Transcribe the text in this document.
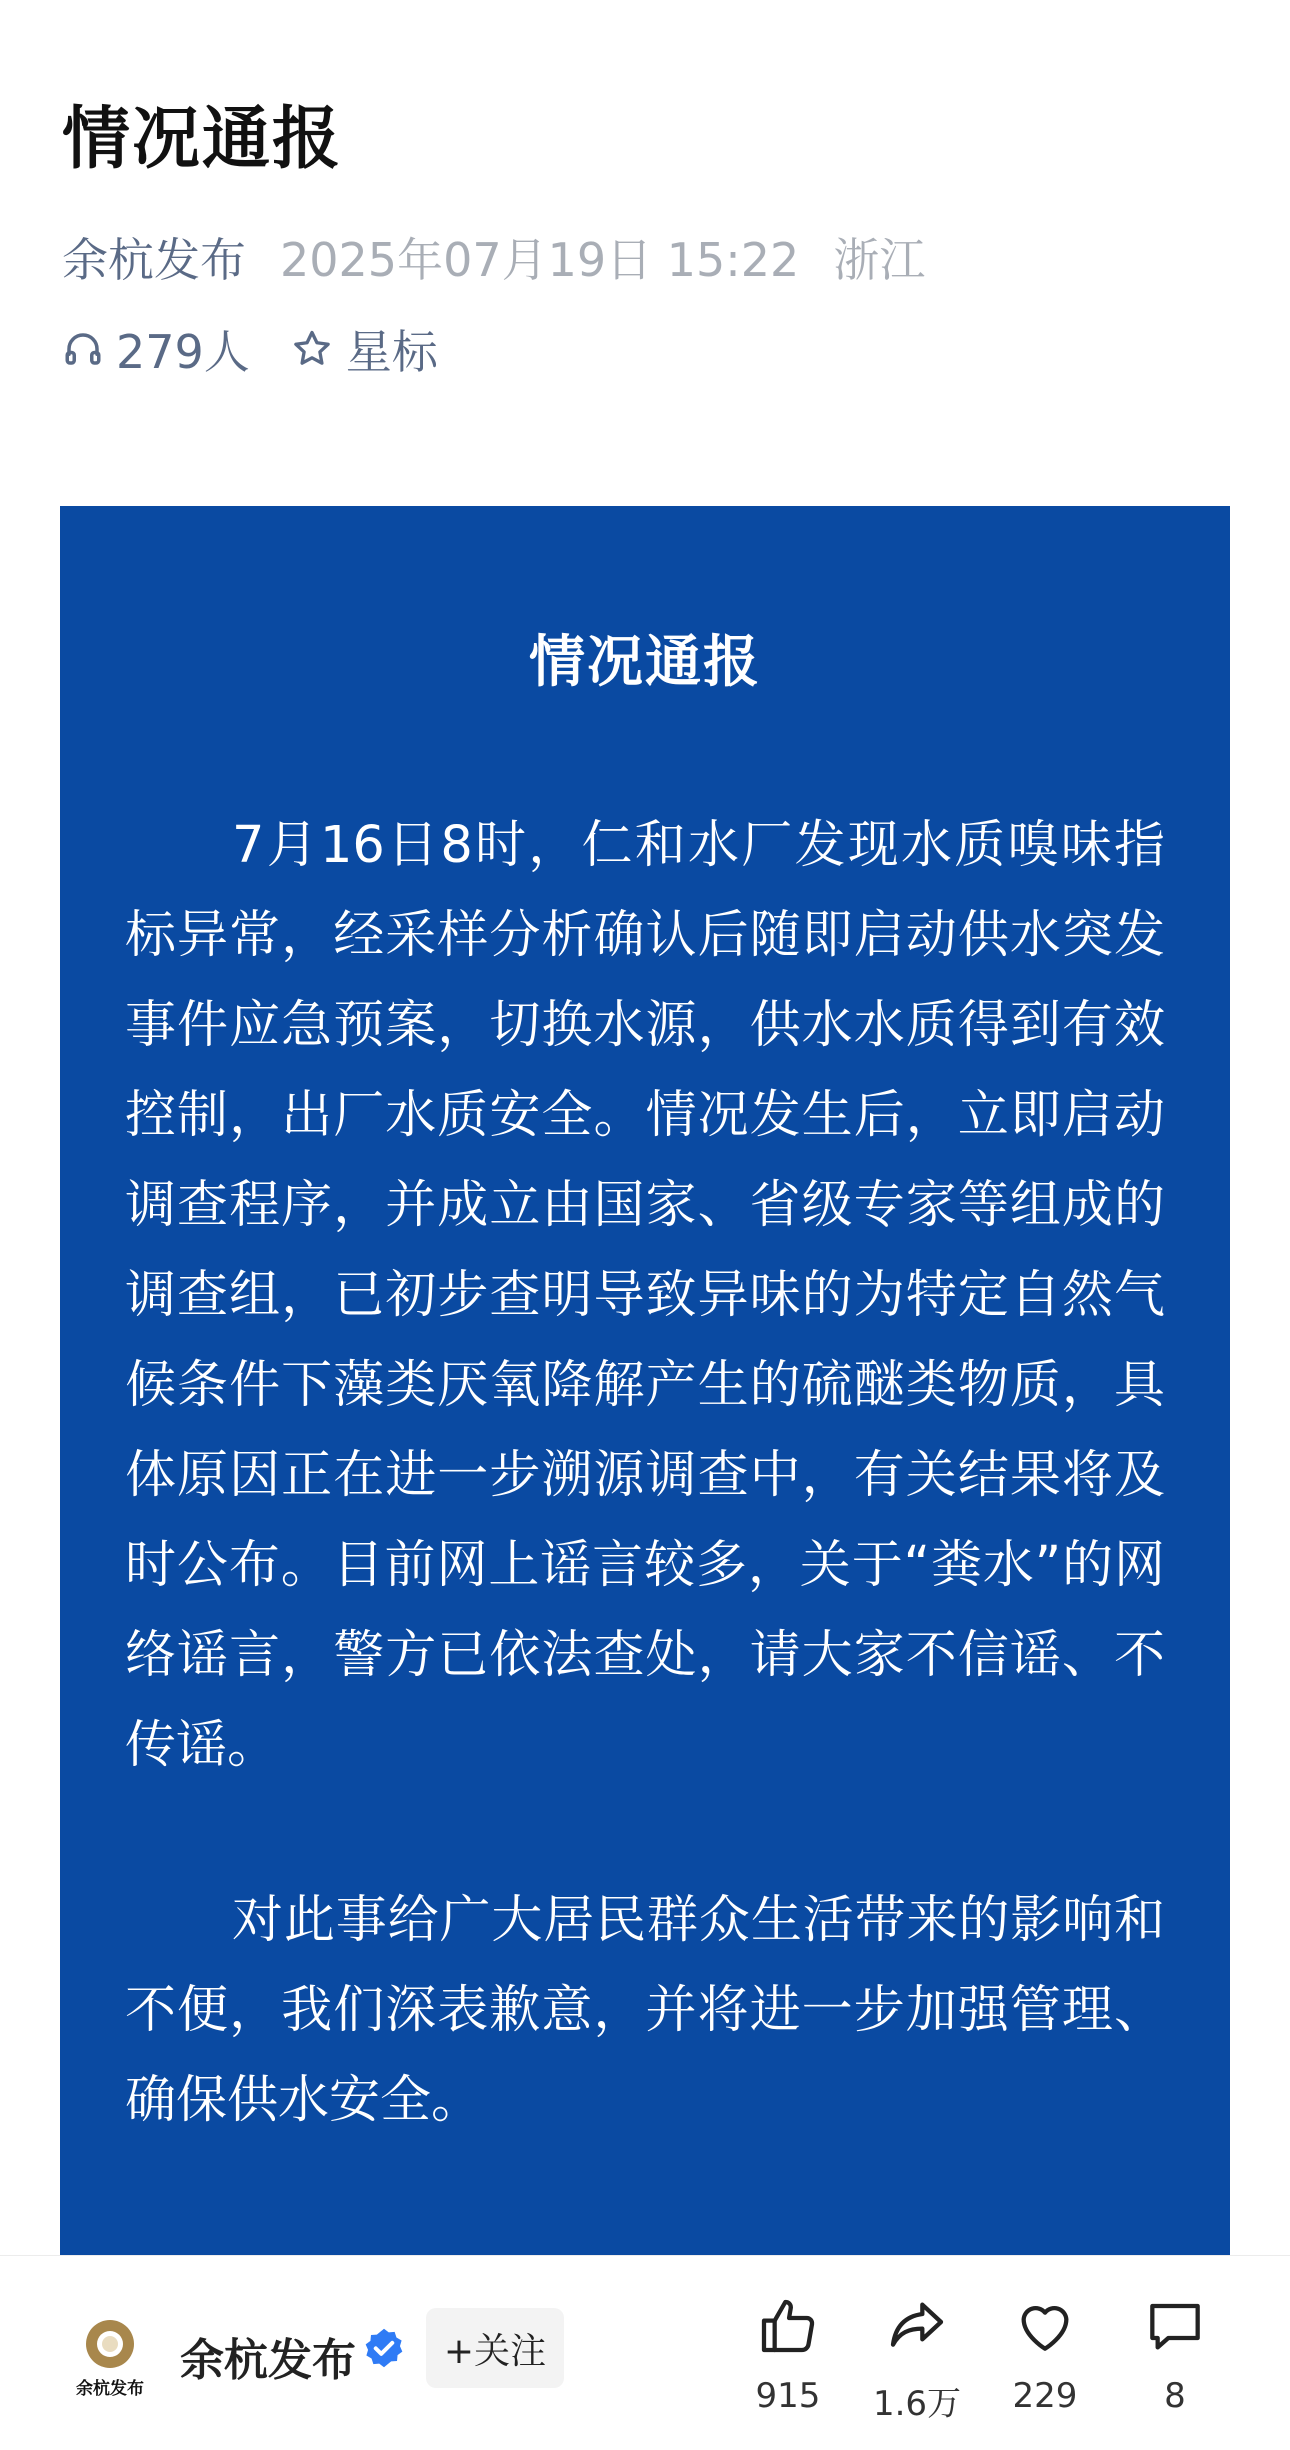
情况通报
余杭发布 2025年07月19日 15:22 浙江
279人 星标
情况通报

7月16日8时，仁和水厂发现水质嗅味指标异常，经采样分析确认后随即启动供水突发事件应急预案，切换水源，供水水质得到有效控制，出厂水质安全。情况发生后，立即启动调查程序，并成立由国家、省级专家等组成的调查组，已初步查明导致异味的为特定自然气候条件下藻类厌氧降解产生的硫醚类物质，具体原因正在进一步溯源调查中，有关结果将及时公布。目前网上谣言较多，关于“粪水”的网络谣言，警方已依法查处，请大家不信谣、不传谣。

对此事给广大居民群众生活带来的影响和不便，我们深表歉意，并将进一步加强管理、确保供水安全。

余杭发布
余杭发布	+关注
915 1.6万 229	8
